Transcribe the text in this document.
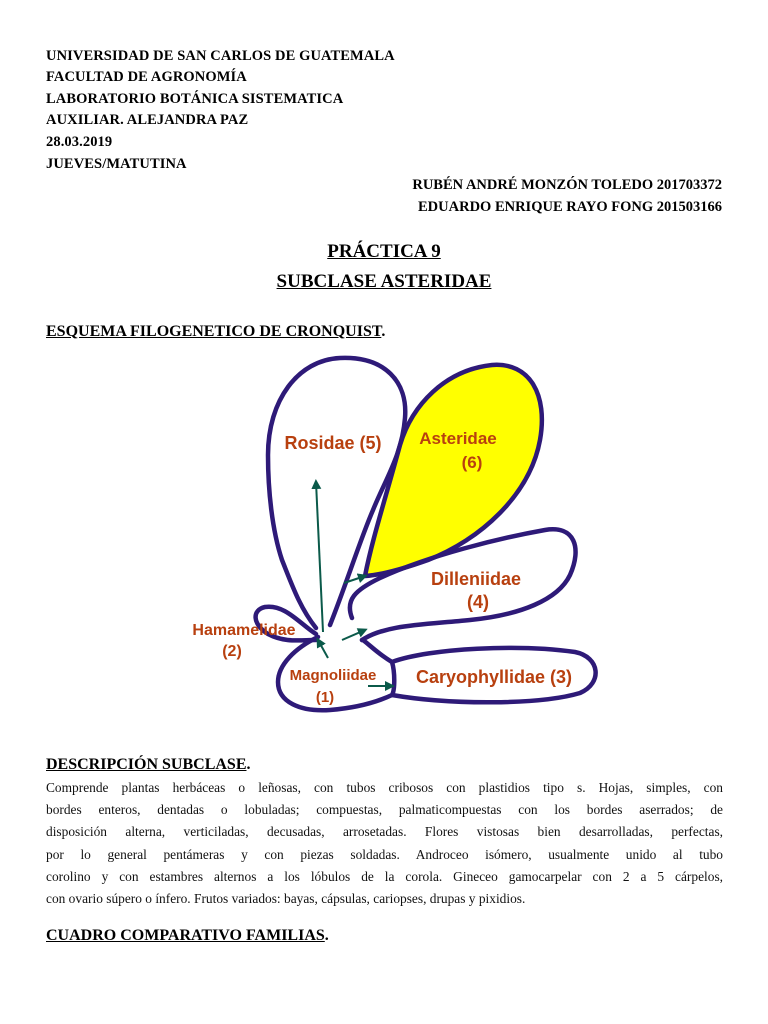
UNIVERSIDAD DE SAN CARLOS DE GUATEMALA
FACULTAD DE AGRONOMÍA
LABORATORIO BOTÁNICA SISTEMATICA
AUXILIAR. ALEJANDRA PAZ
28.03.2019
JUEVES/MATUTINA
RUBÉN ANDRÉ MONZÓN TOLEDO 201703372
EDUARDO ENRIQUE RAYO FONG 201503166
PRÁCTICA 9
SUBCLASE ASTERIDAE
ESQUEMA FILOGENETICO DE CRONQUIST.
Rosidae (5) Asteridae
(6)
Dilleniidae
(4)
Hamamelidae
(2)
Magnoliidae
(1)
Caryophyllidae (3)
DESCRIPCIÓN SUBCLASE.
Comprende plantas herbáceas o leñosas, con tubos cribosos con plastidios tipo s. Hojas, simples, con
bordes enteros, dentadas o lobuladas; compuestas, palmaticompuestas con los bordes aserrados; de
disposición alterna, verticiladas, decusadas, arrosetadas. Flores vistosas bien desarrolladas, perfectas,
por lo general pentámeras y con piezas soldadas. Androceo isómero, usualmente unido al tubo
corolino y con estambres alternos a los lóbulos de la corola. Gineceo gamocarpelar con 2 a 5 cárpelos,
con ovario súpero o ínfero. Frutos variados: bayas, cápsulas, cariopses, drupas y pixidios.
CUADRO COMPARATIVO FAMILIAS.
